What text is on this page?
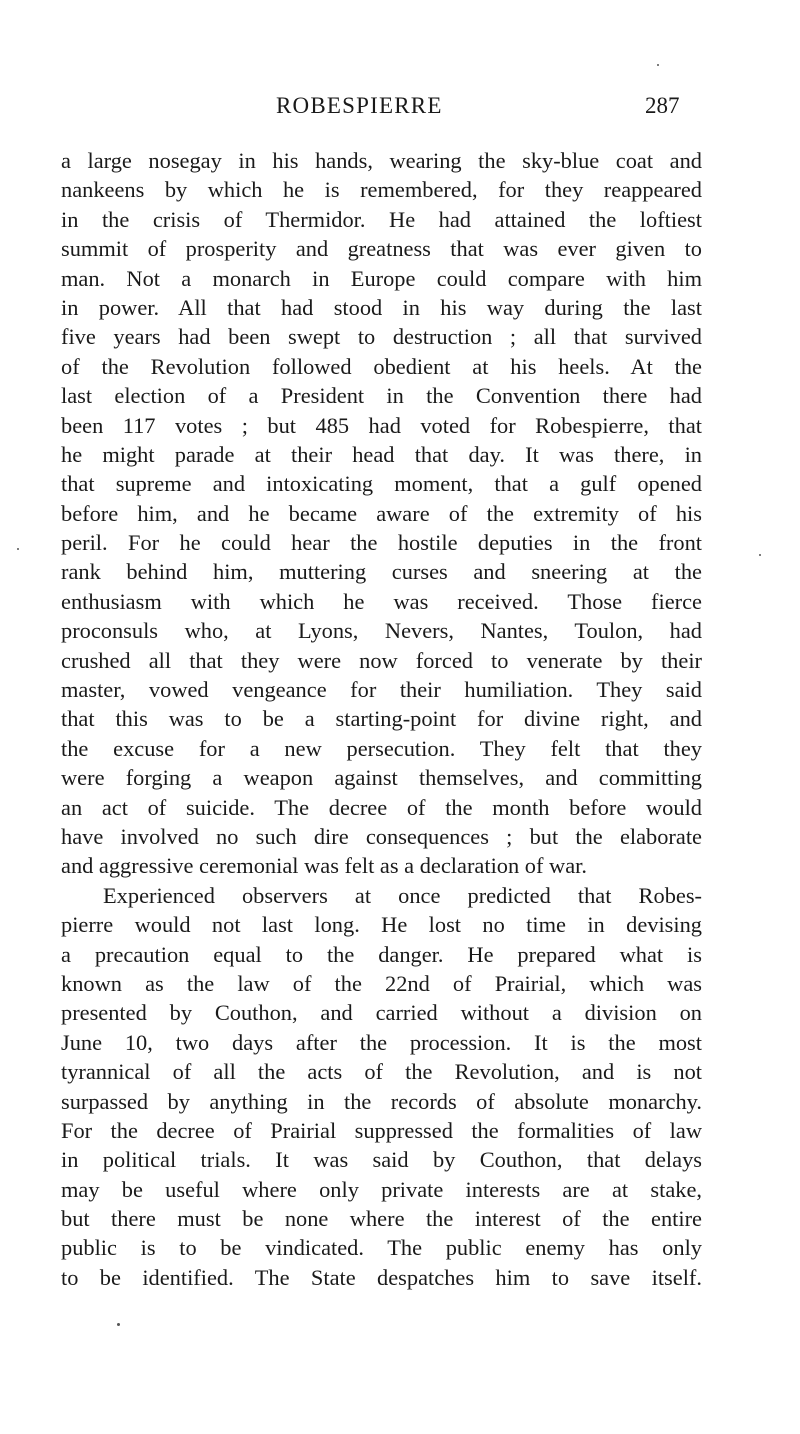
ROBESPIERRE	287
a large nosegay in his hands, wearing the sky-blue coat and
nankeens by which he is remembered, for they reappeared
in the crisis of Thermidor. He had attained the loftiest
summit of prosperity and greatness that was ever given to
man. Not a monarch in Europe could compare with him
in power. All that had stood in his way during the last
five years had been swept to destruction ; all that survived
of the Revolution followed obedient at his heels. At the
last election of a President in the Convention there had
been 117 votes ; but 485 had voted for Robespierre, that
he might parade at their head that day. It was there, in
that supreme and intoxicating moment, that a gulf opened
before him, and he became aware of the extremity of his
peril. For he could hear the hostile deputies in the front
rank behind him, muttering curses and sneering at the
enthusiasm with which he was received. Those fierce
proconsuls who, at Lyons, Nevers, Nantes, Toulon, had
crushed all that they were now forced to venerate by their
master, vowed vengeance for their humiliation. They said
that this was to be a starting-point for divine right, and
the excuse for a new persecution. They felt that they
were forging a weapon against themselves, and committing
an act of suicide. The decree of the month before would
have involved no such dire consequences ; but the elaborate
and aggressive ceremonial was felt as a declaration of war.
Experienced observers at once predicted that Robes-
pierre would not last long. He lost no time in devising
a precaution equal to the danger. He prepared what is
known as the law of the 22nd of Prairial, which was
presented by Couthon, and carried without a division on
June 10, two days after the procession. It is the most
tyrannical of all the acts of the Revolution, and is not
surpassed by anything in the records of absolute monarchy.
For the decree of Prairial suppressed the formalities of law
in political trials. It was said by Couthon, that delays
may be useful where only private interests are at stake,
but there must be none where the interest of the entire
public is to be vindicated. The public enemy has only
to be identified. The State despatches him to save itself.
